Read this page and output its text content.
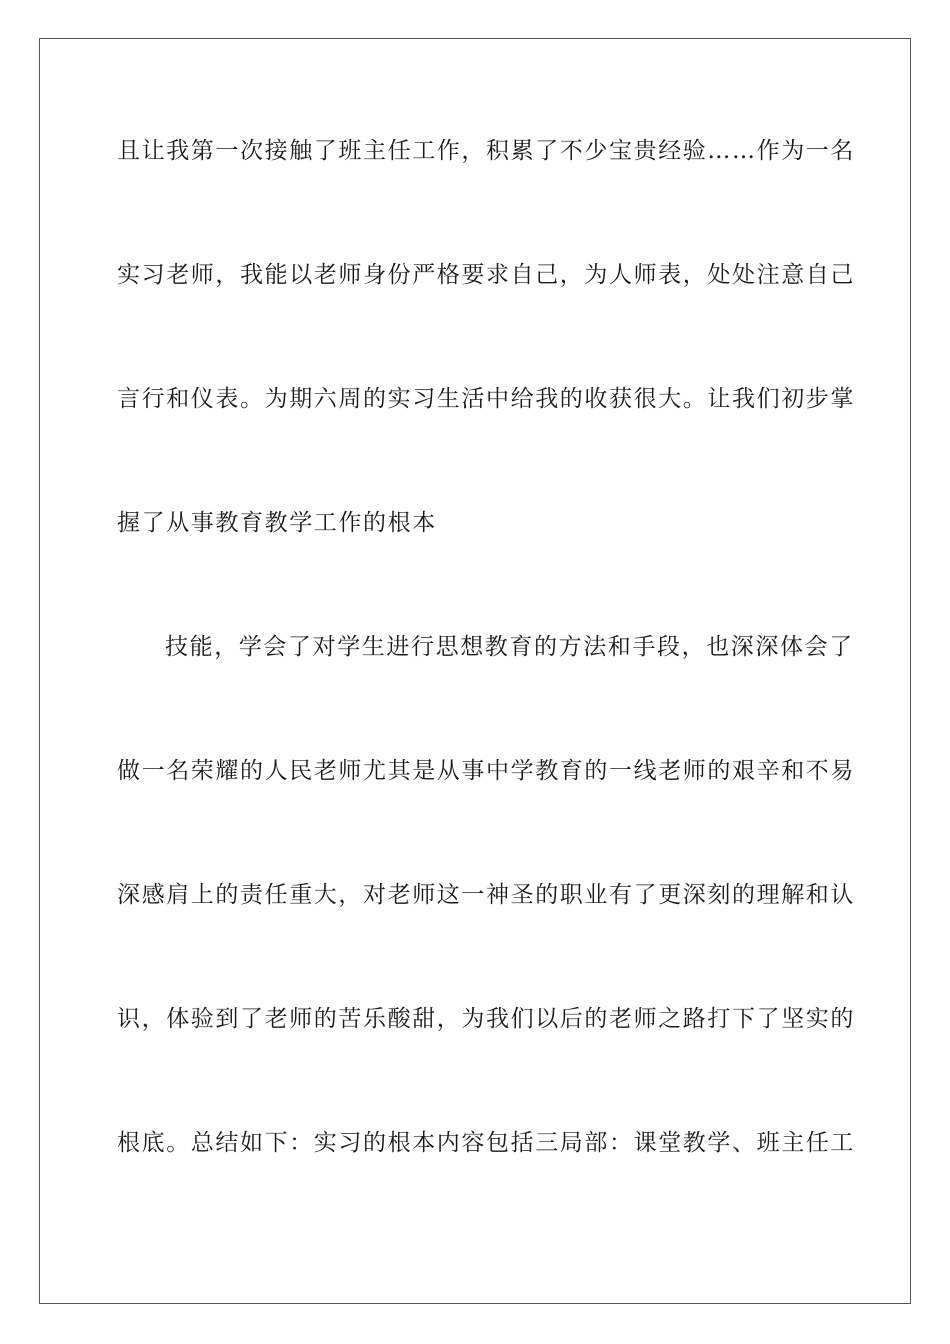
且让我第一次接触了班主任工作，积累了不少宝贵经验……作为一名
实习老师，我能以老师身份严格要求自己，为人师表，处处注意自己
言行和仪表。为期六周的实习生活中给我的收获很大。让我们初步掌
握了从事教育教学工作的根本
技能，学会了对学生进行思想教育的方法和手段，也深深体会了
做一名荣耀的人民老师尤其是从事中学教育的一线老师的艰辛和不易
深感肩上的责任重大，对老师这一神圣的职业有了更深刻的理解和认
识，体验到了老师的苦乐酸甜，为我们以后的老师之路打下了坚实的
根底。总结如下：实习的根本内容包括三局部：课堂教学、班主任工
